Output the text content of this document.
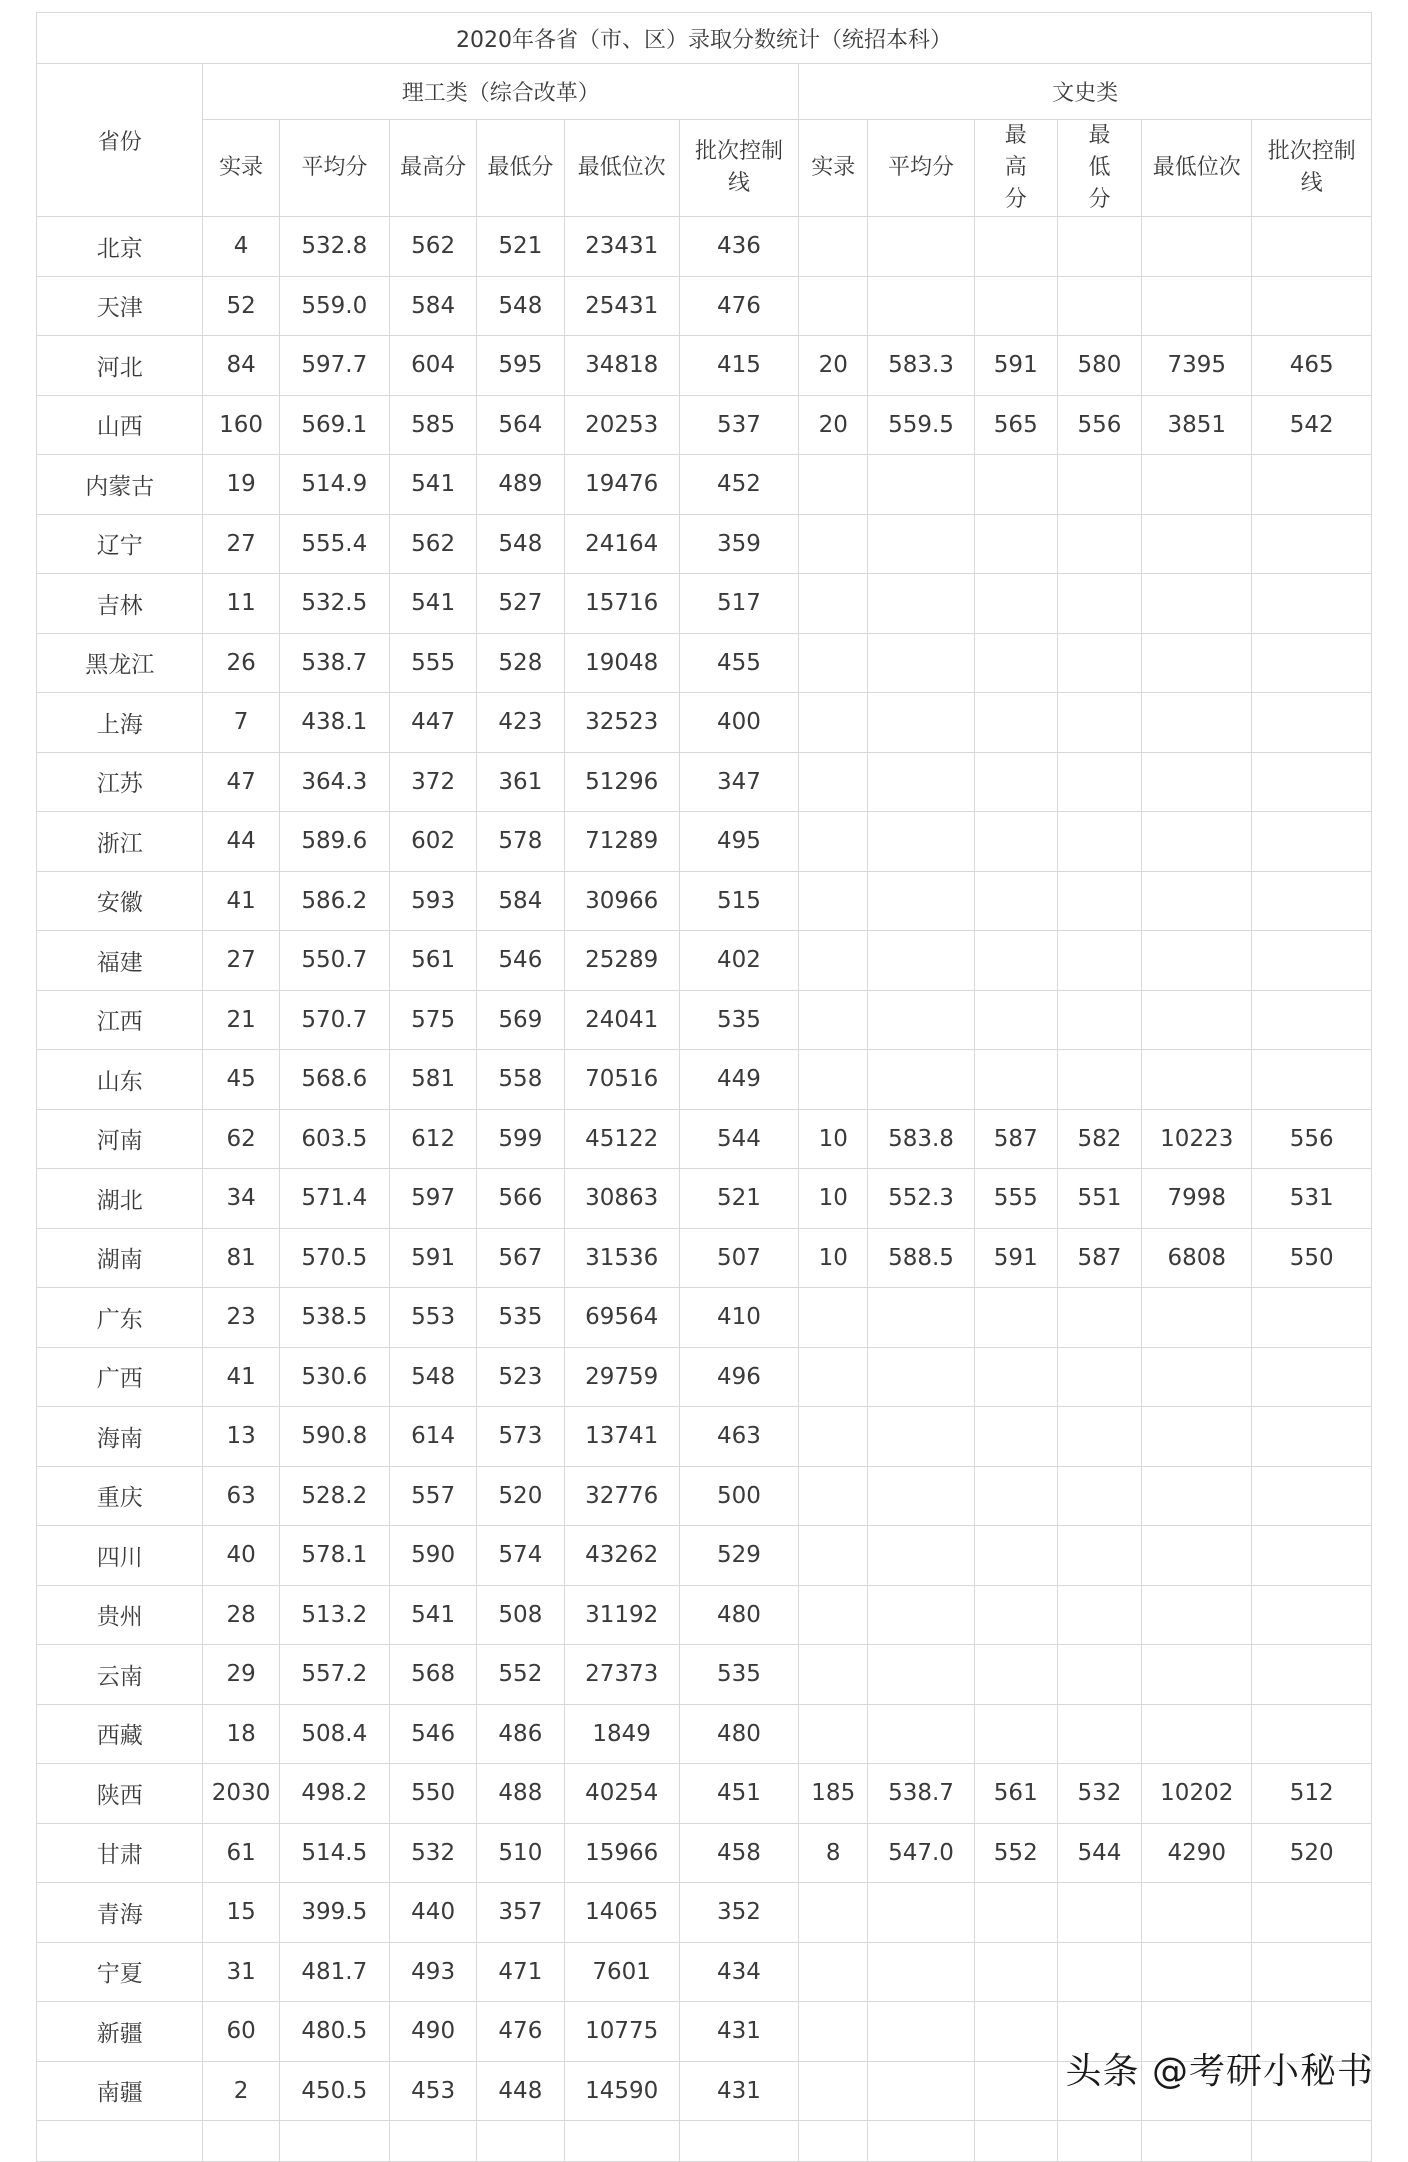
2020年各省（市、区）录取分数统计（统招本科）												
省份	理工类（综合改革）						文史类					
	实录	平均分	最高分	最低分	最低位次	批次控制线	实录	平均分	最高分	最低分	最低位次	批次控制线
北京	4	532.8	562	521	23431	436						
天津	52	559.0	584	548	25431	476						
河北	84	597.7	604	595	34818	415	20	583.3	591	580	7395	465
山西	160	569.1	585	564	20253	537	20	559.5	565	556	3851	542
内蒙古	19	514.9	541	489	19476	452						
辽宁	27	555.4	562	548	24164	359						
吉林	11	532.5	541	527	15716	517						
黑龙江	26	538.7	555	528	19048	455						
上海	7	438.1	447	423	32523	400						
江苏	47	364.3	372	361	51296	347						
浙江	44	589.6	602	578	71289	495						
安徽	41	586.2	593	584	30966	515						
福建	27	550.7	561	546	25289	402						
江西	21	570.7	575	569	24041	535						
山东	45	568.6	581	558	70516	449						
河南	62	603.5	612	599	45122	544	10	583.8	587	582	10223	556
湖北	34	571.4	597	566	30863	521	10	552.3	555	551	7998	531
湖南	81	570.5	591	567	31536	507	10	588.5	591	587	6808	550
广东	23	538.5	553	535	69564	410						
广西	41	530.6	548	523	29759	496						
海南	13	590.8	614	573	13741	463						
重庆	63	528.2	557	520	32776	500						
四川	40	578.1	590	574	43262	529						
贵州	28	513.2	541	508	31192	480						
云南	29	557.2	568	552	27373	535						
西藏	18	508.4	546	486	1849	480						
陕西	2030	498.2	550	488	40254	451	185	538.7	561	532	10202	512
甘肃	61	514.5	532	510	15966	458	8	547.0	552	544	4290	520
青海	15	399.5	440	357	14065	352						
宁夏	31	481.7	493	471	7601	434						
新疆	60	480.5	490	476	10775	431						
南疆	2	450.5	453	448	14590	431						
													头条 @考研小秘书
